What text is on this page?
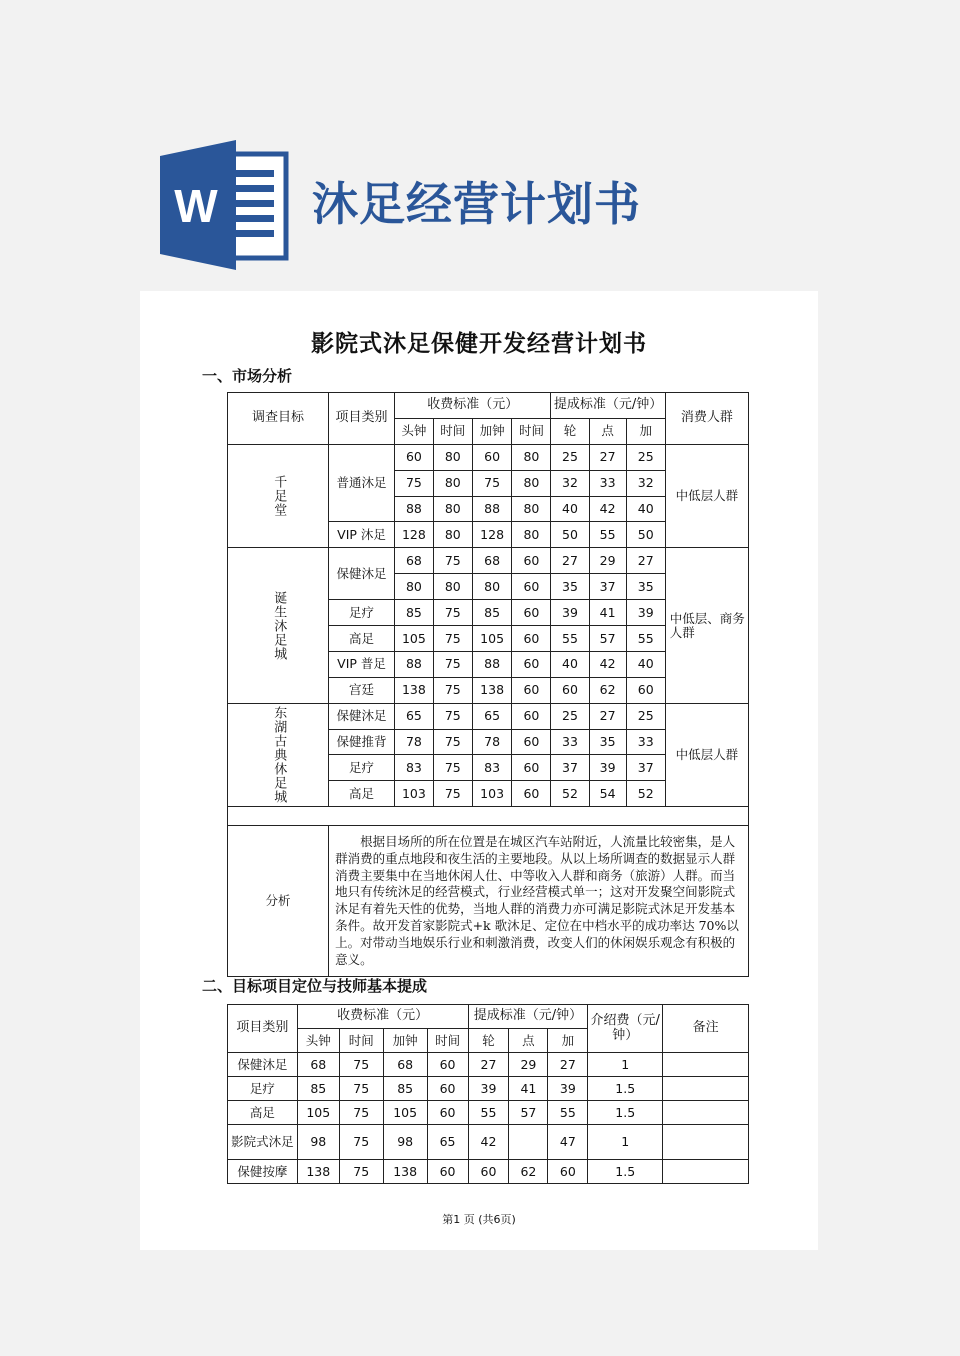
W 沐足经营计划书
影院式沐足保健开发经营计划书
一、市场分析
调查目标	项目类别	收费标准（元）				提成标准（元/钟）			消费人群
		头钟	时间	加钟	时间	轮	点	加	

千足堂	普通沐足	60	80	60	80	25	27	25	中低层人群
		75	80	75	80	32	33	32	
		88	80	88	80	40	42	40	
	VIP 沐足	128	80	128	80	50	55	50	

诞生沐足城	保健沐足	68	75	68	60	27	29	27	中低层、商务人群
		80	80	80	60	35	37	35	
	足疗	85	75	85	60	39	41	39	
	高足	105	75	105	60	55	57	55	
	VIP 普足	88	75	88	60	40	42	40	
	宫廷	138	75	138	60	60	62	60	

东湖古典休足城	保健沐足	65	75	65	60	25	27	25	中低层人群
	保健推背	78	75	78	60	33	35	33	
	足疗	83	75	83	60	37	39	37	
	高足	103	75	103	60	52	54	52	

分析	根据目场所的所在位置是在城区汽车站附近，人流量比较密集，是人群消费的重点地段和夜生活的主要地段。从以上场所调查的数据显示人群消费主要集中在当地休闲人仕、中等收入人群和商务（旅游）人群。而当地只有传统沐足的经营模式，行业经营模式单一；这对开发聚空间影院式沐足有着先天性的优势，当地人群的消费力亦可满足影院式沐足开发基本条件。故开发首家影院式+k 歌沐足、定位在中档水平的成功率达 70%以上。对带动当地娱乐行业和刺激消费，改变人们的休闲娱乐观念有积极的意义。								
二、目标项目定位与技师基本提成
项目类别	收费标准（元）				提成标准（元/钟）			介绍费（元/钟）	备注
	头钟	时间	加钟	时间	轮	点	加		
保健沐足	68	75	68	60	27	29	27	1	
足疗	85	75	85	60	39	41	39	1.5	
高足	105	75	105	60	55	57	55	1.5	
影院式沐足	98	75	98	65	42		47	1	
保健按摩	138	75	138	60	60	62	60	1.5	
第1 页 (共6页)
